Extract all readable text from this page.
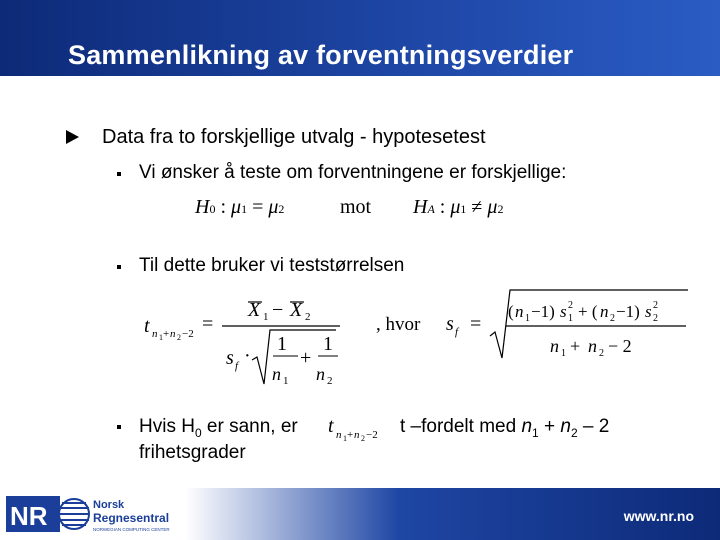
Sammenlikning av forventningsverdier
Data fra to forskjellige utvalg - hypotesetest
Vi ønsker å teste om forventningene er forskjellige:
H0 : μ1 = μ2	mot HA : μ1 ≠ μ2
Til dette bruker vi teststørrelsen
t n 1 + n 2 −2 =
X 1 − X 2
s f ·
1
n 1
+
1
n 2
, hvor s f =
( n 1 −1) s 2
1 + ( n 2 −1) s 2
2
n 1 + n 2 − 2
Hvis $H_0$ er sann, er t n 1 + n 2 −2 t –fordelt med $n_1 + n_2 - 2$
frihetsgrader
NR	Norsk
Regnesentral
NORWEGIAN COMPUTING CENTER
www.nr.no
